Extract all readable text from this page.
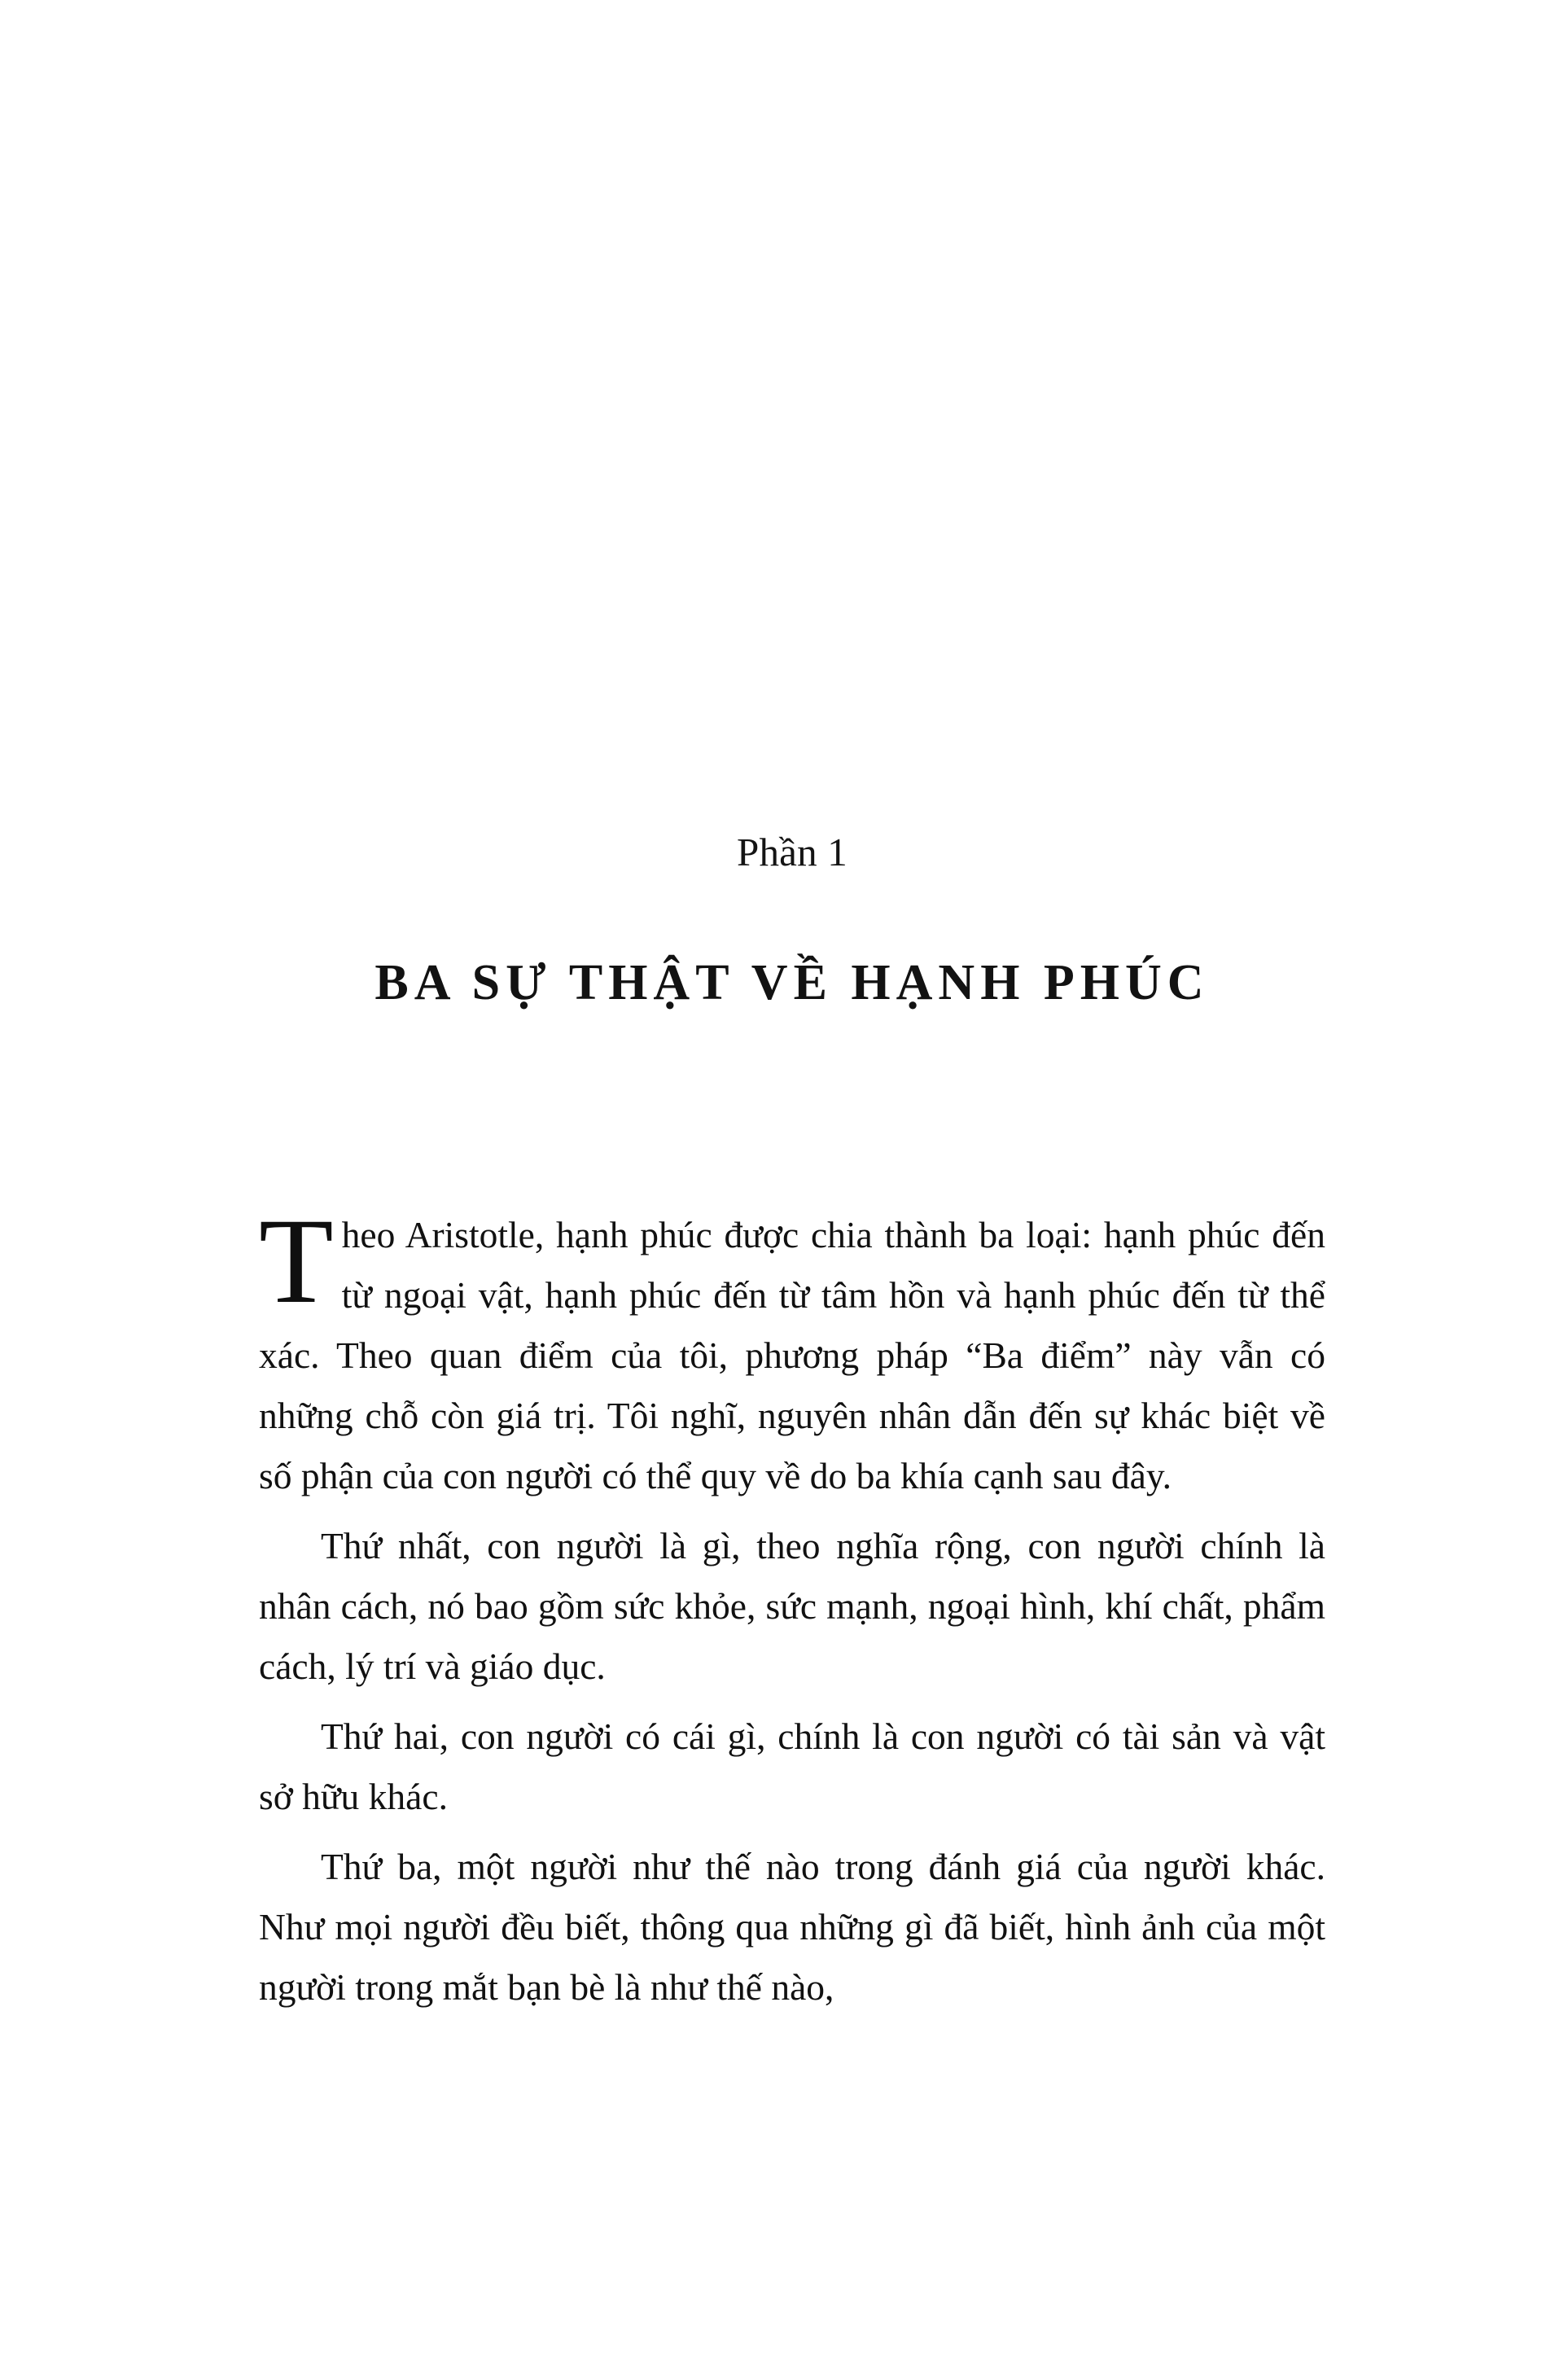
Phần 1
BA SỰ THẬT VỀ HẠNH PHÚC

Theo Aristotle, hạnh phúc được chia thành ba loại: hạnh phúc đến từ ngoại vật, hạnh phúc đến từ tâm hồn và hạnh phúc đến từ thể xác. Theo quan điểm của tôi, phương pháp “Ba điểm” này vẫn có những chỗ còn giá trị. Tôi nghĩ, nguyên nhân dẫn đến sự khác biệt về số phận của con người có thể quy về do ba khía cạnh sau đây.

Thứ nhất, con người là gì, theo nghĩa rộng, con người chính là nhân cách, nó bao gồm sức khỏe, sức mạnh, ngoại hình, khí chất, phẩm cách, lý trí và giáo dục.

Thứ hai, con người có cái gì, chính là con người có tài sản và vật sở hữu khác.

Thứ ba, một người như thế nào trong đánh giá của người khác. Như mọi người đều biết, thông qua những gì đã biết, hình ảnh của một người trong mắt bạn bè là như thế nào,
